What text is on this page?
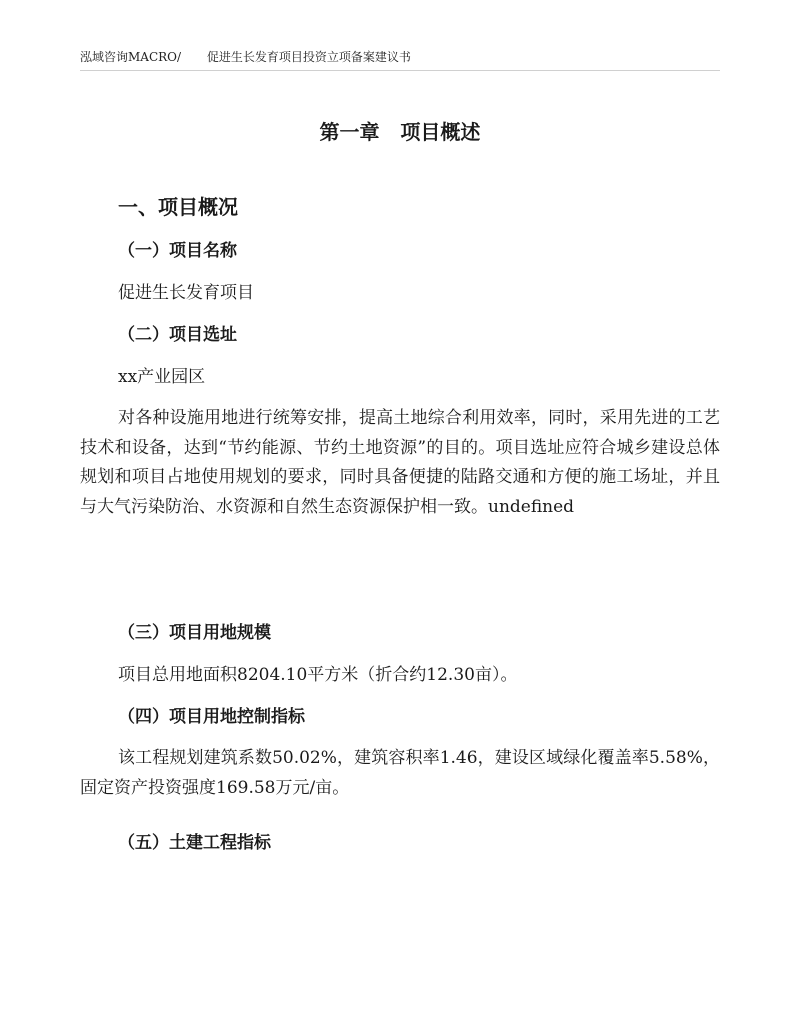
泓域咨询MACRO/ 促进生长发育项目投资立项备案建议书
第一章   项目概述
一、项目概况
（一）项目名称
促进生长发育项目
（二）项目选址
xx产业园区
对各种设施用地进行统筹安排，提高土地综合利用效率，同时，采用先进的工艺技术和设备，达到“节约能源、节约土地资源”的目的。项目选址应符合城乡建设总体规划和项目占地使用规划的要求，同时具备便捷的陆路交通和方便的施工场址，并且与大气污染防治、水资源和自然生态资源保护相一致。undefined
（三）项目用地规模
项目总用地面积8204.10平方米（折合约12.30亩）。
（四）项目用地控制指标
该工程规划建筑系数50.02%，建筑容积率1.46，建设区域绿化覆盖率5.58%，固定资产投资强度169.58万元/亩。
（五）土建工程指标
